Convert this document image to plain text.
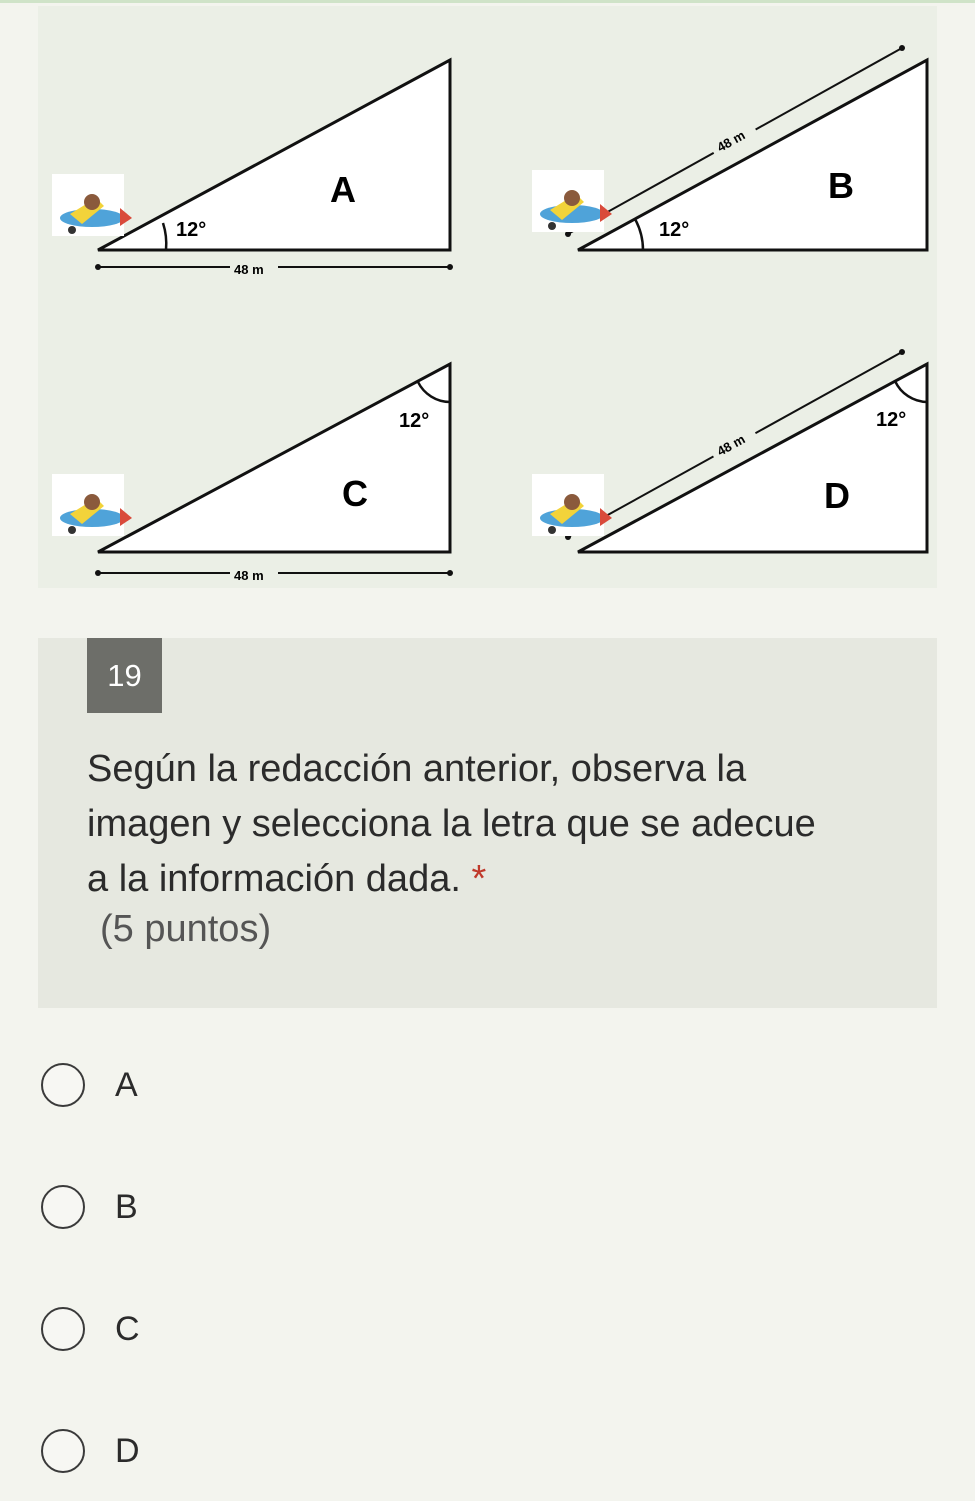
12°
A
48 m
12°
B
48 m
12°
C
48 m
12°
D
48 m
19
Según la redacción anterior, observa la imagen y selecciona la letra que se adecue a la información dada. *
(5 puntos)
A
B
C
D
